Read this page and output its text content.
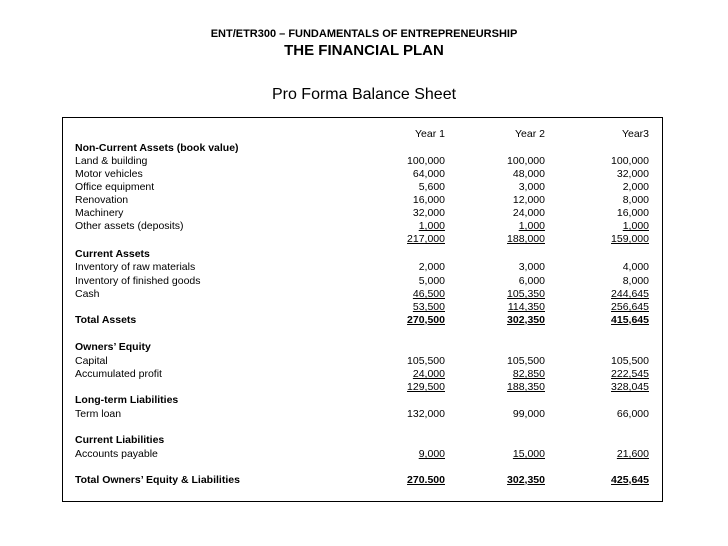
ENT/ETR300 – FUNDAMENTALS OF ENTREPRENEURSHIP
THE FINANCIAL PLAN
Pro Forma Balance Sheet
Year 1	Year 2	Year3
Non-Current Assets (book value)
Land & building	100,000	100,000	100,000
Motor vehicles	64,000	48,000	32,000
Office equipment	5,600	3,000	2,000
Renovation	16,000	12,000	8,000
Machinery	32,000	24,000	16,000
Other assets (deposits)	1,000	1,000	1,000
217,000	188,000	159,000
Current Assets
Inventory of raw materials	2,000	3,000	4,000
Inventory of finished goods	5,000	6,000	8,000
Cash	46,500	105,350	244,645
53,500	114,350	256,645
Total Assets	270,500	302,350	415,645
Owners’ Equity
Capital	105,500	105,500	105,500
Accumulated profit	24,000	82,850	222,545
129,500	188,350	328,045
Long-term Liabilities
Term loan	132,000	99,000	66,000
Current Liabilities
Accounts payable	9,000	15,000	21,600
Total Owners’ Equity & Liabilities	270.500	302,350	425,645
